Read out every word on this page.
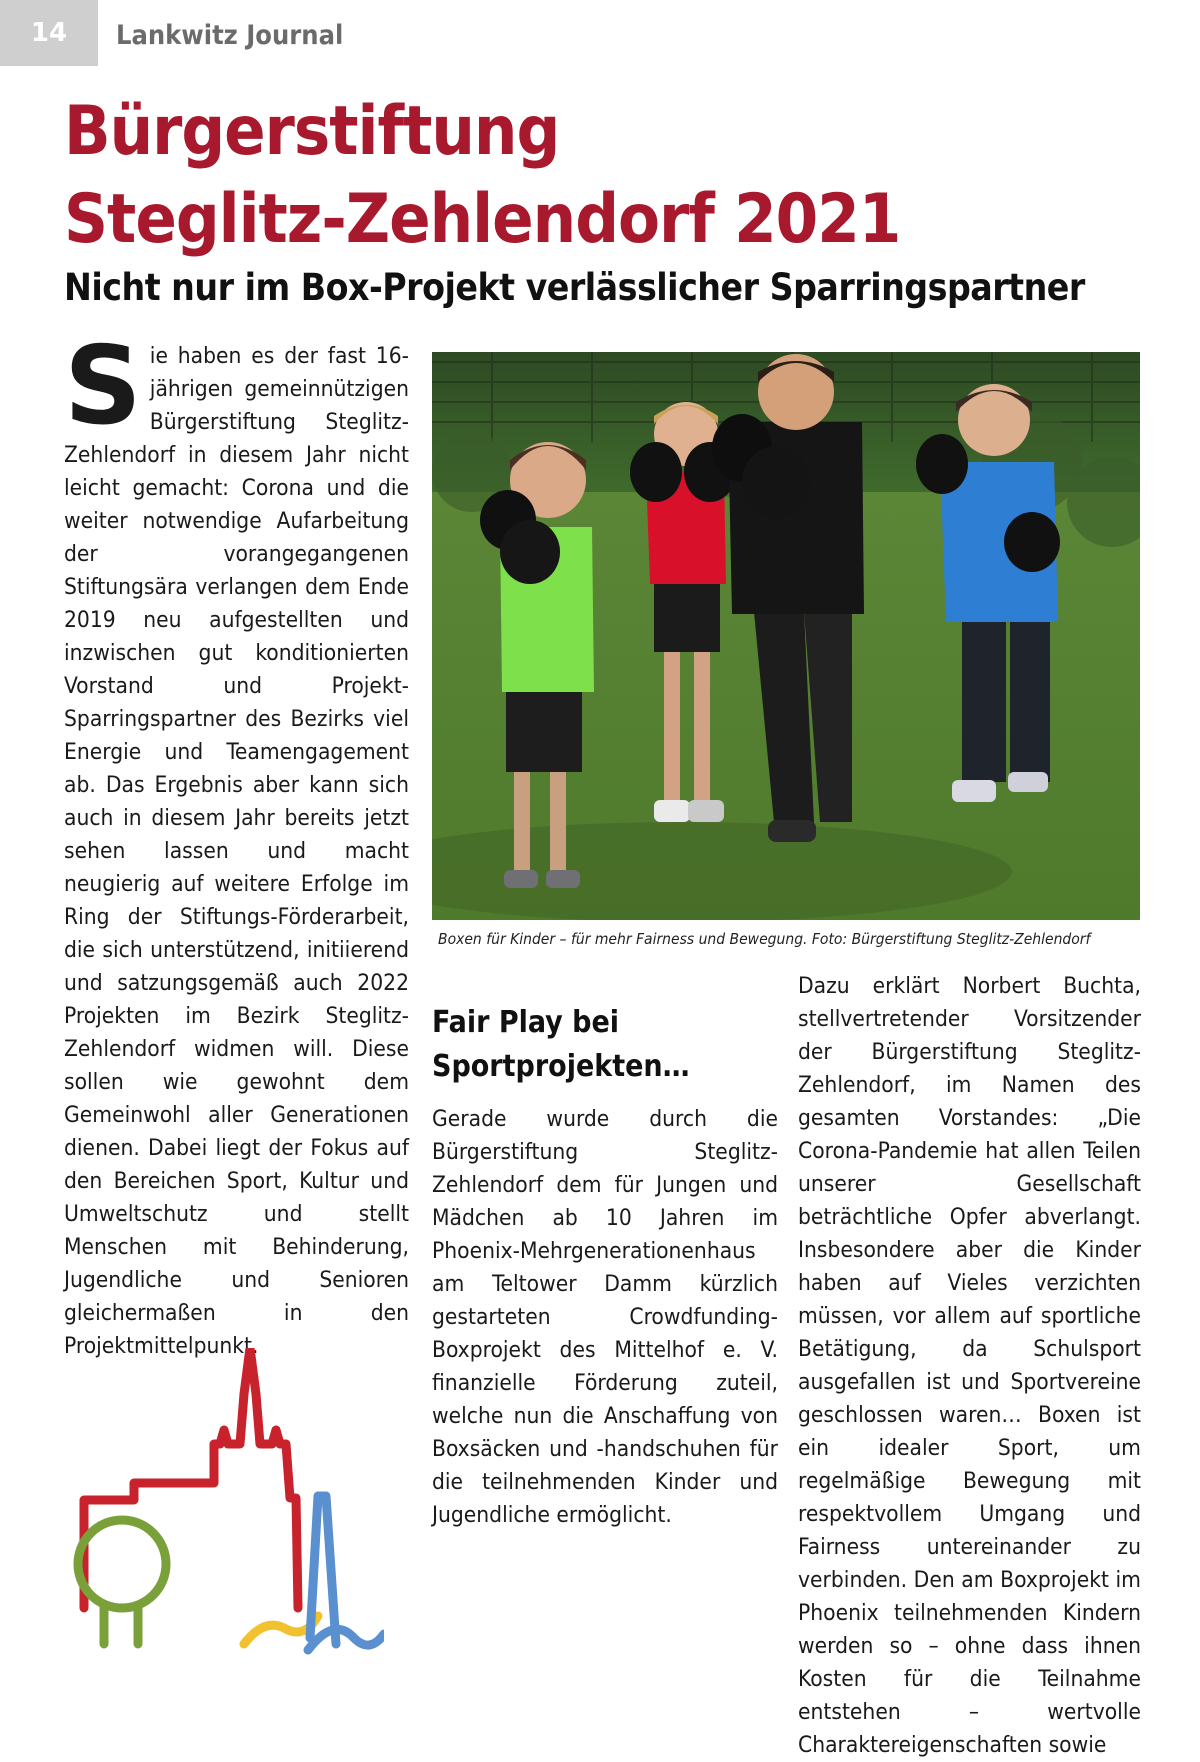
14	Lankwitz Journal
Bürgerstiftung
Steglitz-Zehlendorf 2021
Nicht nur im Box-Projekt verlässlicher Sparringspartner
S ie haben es der fast 16-jährigen gemeinnützigen Bürgerstiftung Steglitz-Zehlendorf in diesem Jahr nicht leicht gemacht: Corona und die weiter notwendige Aufarbeitung der vorangegangenen Stiftungsära verlangen dem Ende 2019 neu aufgestellten und inzwischen gut konditionierten Vorstand und Projekt-Sparringspartner des Bezirks viel Energie und Teamengagement ab. Das Ergebnis aber kann sich auch in diesem Jahr bereits jetzt sehen lassen und macht neugierig auf weitere Erfolge im Ring der Stiftungs-Förderarbeit, die sich unterstützend, initiierend und satzungsgemäß auch 2022 Projekten im Bezirk Steglitz-Zehlendorf widmen will. Diese sollen wie gewohnt dem Gemeinwohl aller Generationen dienen. Dabei liegt der Fokus auf den Bereichen Sport, Kultur und Umweltschutz und stellt Menschen mit Behinderung, Jugendliche und Senioren gleichermaßen in den Projektmittelpunkt.
Boxen für Kinder – für mehr Fairness und Bewegung. Foto: Bürgerstiftung Steglitz-Zehlendorf
Fair Play bei Sportprojekten…

Gerade wurde durch die Bürgerstiftung Steglitz-Zehlendorf dem für Jungen und Mädchen ab 10 Jahren im Phoenix-Mehrgenerationenhaus am Teltower Damm kürzlich gestarteten Crowdfunding-Boxprojekt des Mittelhof e. V. finanzielle Förderung zuteil, welche nun die Anschaffung von Boxsäcken und -handschuhen für die teilnehmenden Kinder und Jugendliche ermöglicht.

Dazu erklärt Norbert Buchta, stellvertretender Vorsitzender der Bürgerstiftung Steglitz-Zehlendorf, im Namen des gesamten Vorstandes: „Die Corona-Pandemie hat allen Teilen unserer Gesellschaft beträchtliche Opfer abverlangt. Insbesondere aber die Kinder haben auf Vieles verzichten müssen, vor allem auf sportliche Betätigung, da Schulsport ausgefallen ist und Sportvereine geschlossen waren… Boxen ist ein idealer Sport, um regelmäßige Bewegung mit respektvollem Umgang und Fairness untereinander zu verbinden. Den am Boxprojekt im Phoenix teilnehmenden Kindern werden so – ohne dass ihnen Kosten für die Teilnahme entstehen – wertvolle Charaktereigenschaften sowie
